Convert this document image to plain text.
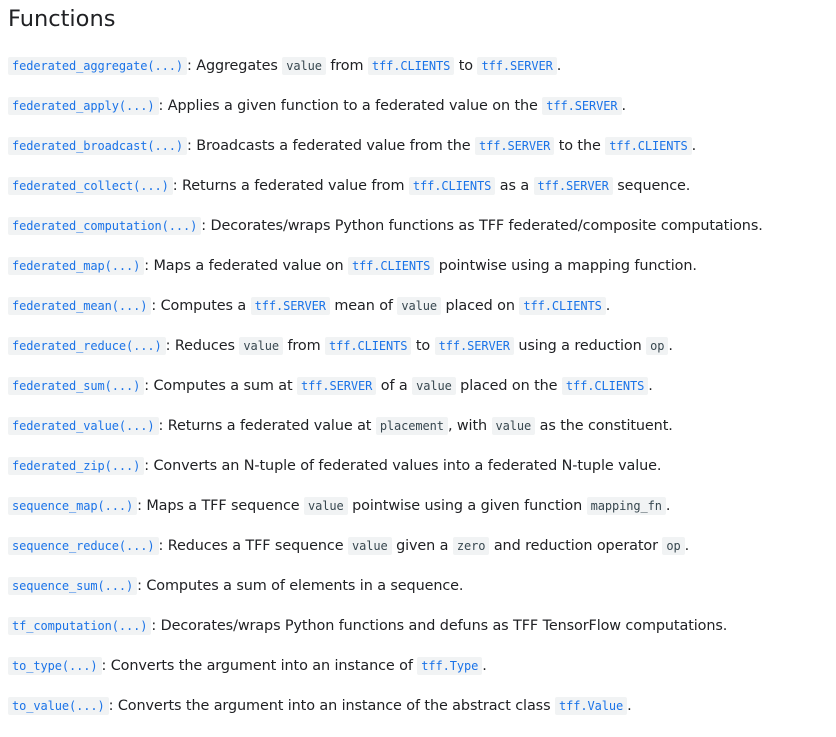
Functions
federated_aggregate(...) : Aggregates value from tff.CLIENTS to tff.SERVER .
federated_apply(...) : Applies a given function to a federated value on the tff.SERVER .
federated_broadcast(...) : Broadcasts a federated value from the tff.SERVER to the tff.CLIENTS .
federated_collect(...) : Returns a federated value from tff.CLIENTS as a tff.SERVER sequence.
federated_computation(...) : Decorates/wraps Python functions as TFF federated/composite computations.
federated_map(...) : Maps a federated value on tff.CLIENTS pointwise using a mapping function.
federated_mean(...) : Computes a tff.SERVER mean of value placed on tff.CLIENTS .
federated_reduce(...) : Reduces value from tff.CLIENTS to tff.SERVER using a reduction op .
federated_sum(...) : Computes a sum at tff.SERVER of a value placed on the tff.CLIENTS .
federated_value(...) : Returns a federated value at placement , with value as the constituent.
federated_zip(...) : Converts an N-tuple of federated values into a federated N-tuple value.
sequence_map(...) : Maps a TFF sequence value pointwise using a given function mapping_fn .
sequence_reduce(...) : Reduces a TFF sequence value given a zero and reduction operator op .
sequence_sum(...) : Computes a sum of elements in a sequence.
tf_computation(...) : Decorates/wraps Python functions and defuns as TFF TensorFlow computations.
to_type(...) : Converts the argument into an instance of tff.Type .
to_value(...) : Converts the argument into an instance of the abstract class tff.Value .
